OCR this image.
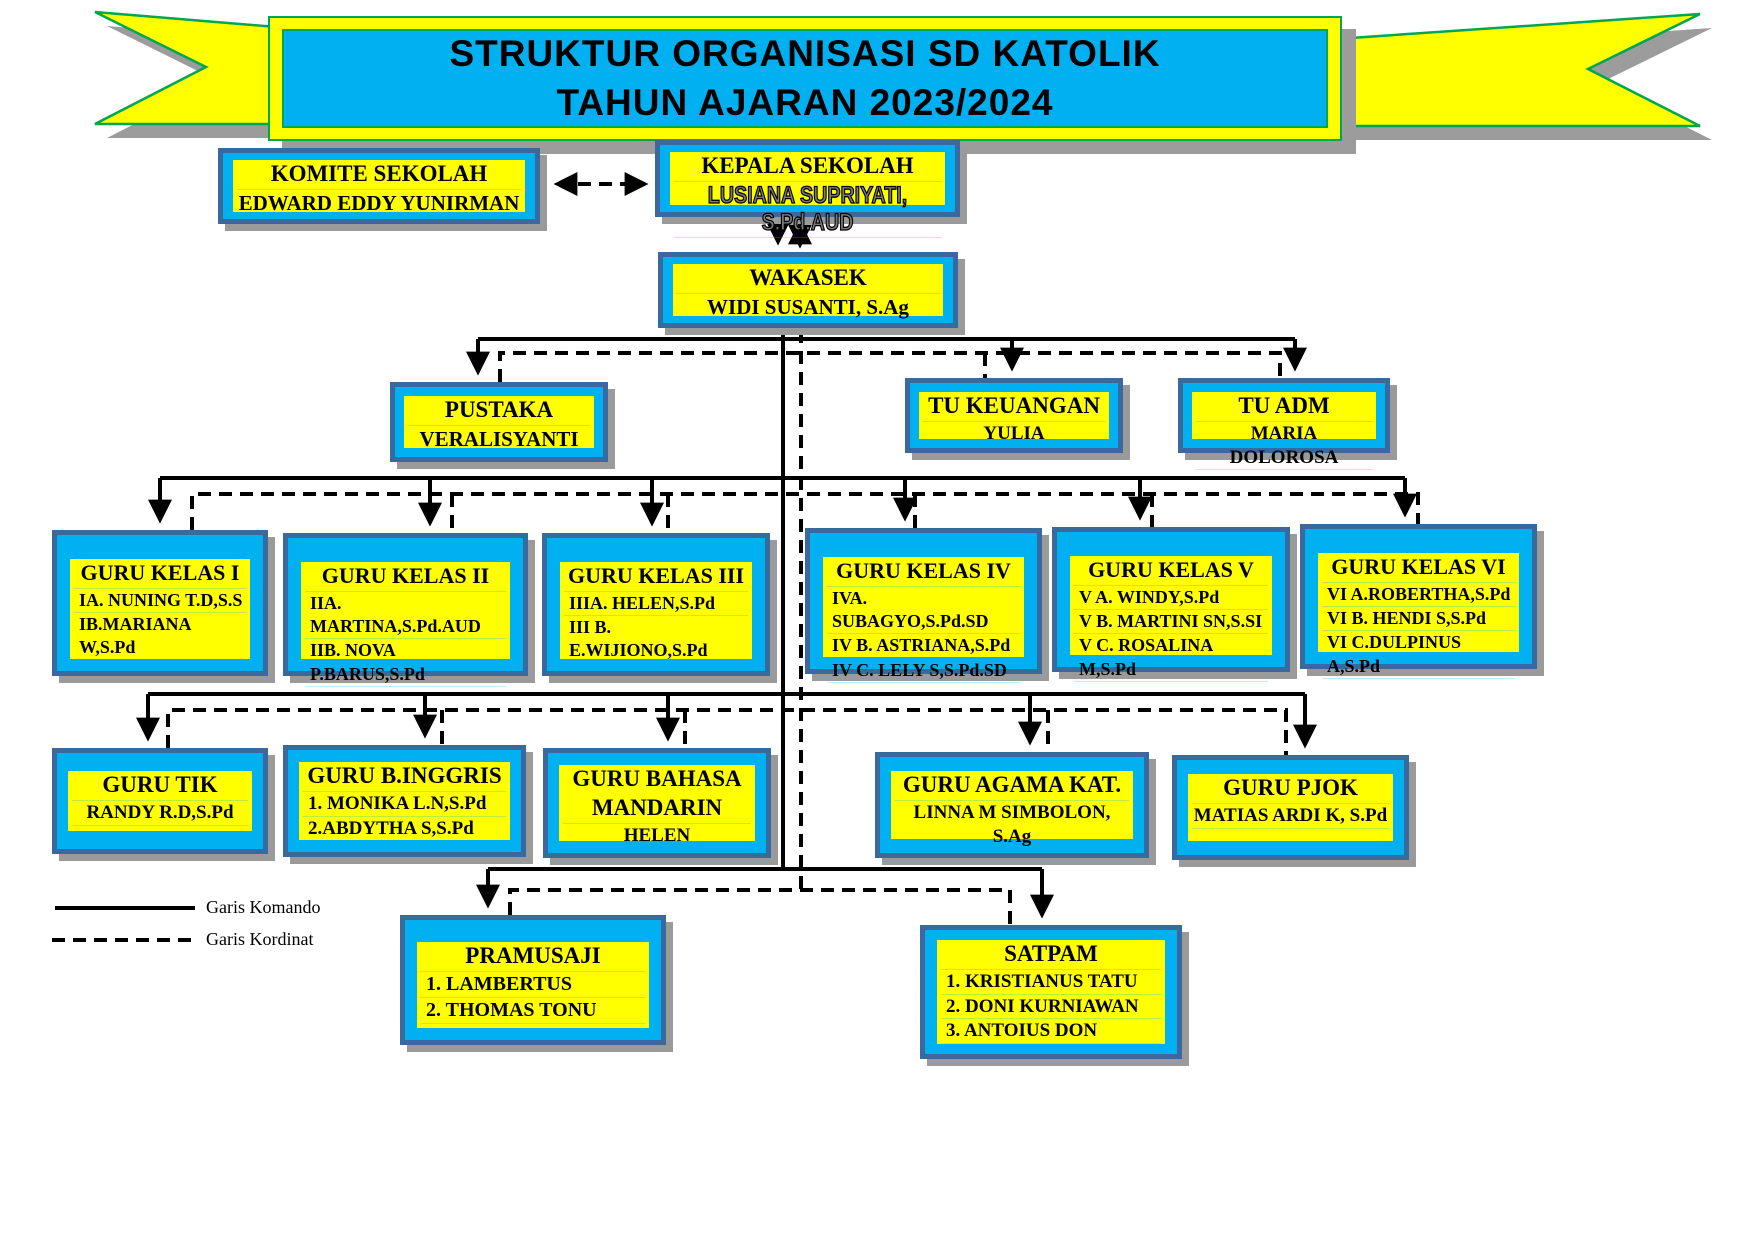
STRUKTUR ORGANISASI SD KATOLIK
TAHUN AJARAN 2023/2024
KOMITE SEKOLAH
EDWARD EDDY YUNIRMAN
KEPALA SEKOLAH
LUSIANA SUPRIYATI, S.Pd.AUD
WAKASEK
WIDI SUSANTI, S.Ag
PUSTAKA
VERALISYANTI
TU KEUANGAN
YULIA
TU ADM
MARIA DOLOROSA
GURU KELAS I
IA. NUNING T.D,S.S
IB.MARIANA W,S.Pd
GURU KELAS II
IIA. MARTINA,S.Pd.AUD
IIB. NOVA P.BARUS,S.Pd
GURU KELAS III
IIIA. HELEN,S.Pd
III B. E.WIJIONO,S.Pd
GURU KELAS IV
IVA. SUBAGYO,S.Pd.SD
IV B. ASTRIANA,S.Pd
IV C. LELY S,S.Pd.SD
GURU KELAS V
V A. WINDY,S.Pd
V B. MARTINI SN,S.SI
V C. ROSALINA M,S.Pd
GURU KELAS VI
VI A.ROBERTHA,S.Pd
VI B. HENDI S,S.Pd
VI C.DULPINUS A,S.Pd
GURU TIK
RANDY R.D,S.Pd
GURU B.INGGRIS
1. MONIKA L.N,S.Pd
2.ABDYTHA S,S.Pd
GURU BAHASA MANDARIN
HELEN
GURU AGAMA KAT.
LINNA M SIMBOLON, S.Ag
GURU PJOK
MATIAS ARDI K, S.Pd
PRAMUSAJI
1. LAMBERTUS
2. THOMAS TONU
SATPAM
1. KRISTIANUS TATU
2. DONI KURNIAWAN
3. ANTOIUS DON
Garis Komando
Garis Kordinat
